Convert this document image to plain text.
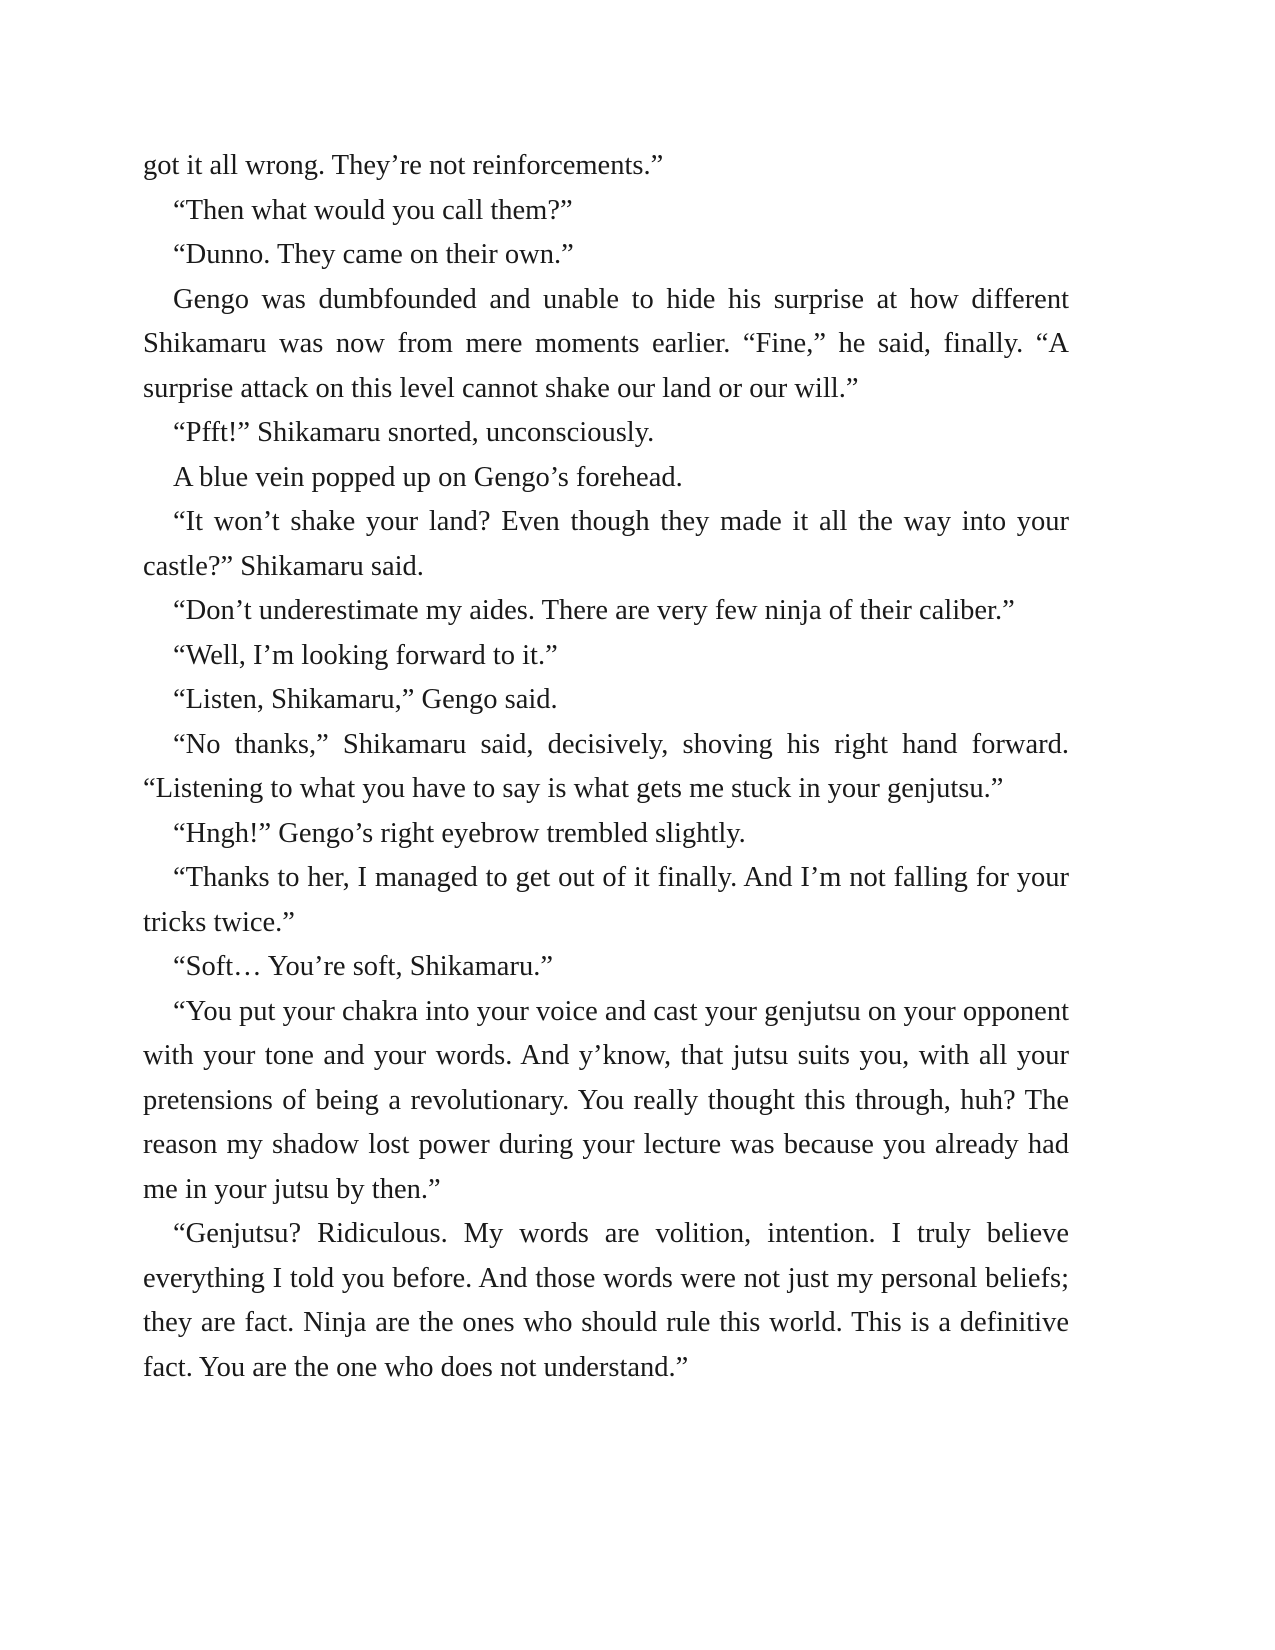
got it all wrong. They’re not reinforcements.”

“Then what would you call them?”

“Dunno. They came on their own.”

Gengo was dumbfounded and unable to hide his surprise at how different Shikamaru was now from mere moments earlier. “Fine,” he said, finally. “A surprise attack on this level cannot shake our land or our will.”

“Pfft!” Shikamaru snorted, unconsciously.

A blue vein popped up on Gengo’s forehead.

“It won’t shake your land? Even though they made it all the way into your castle?” Shikamaru said.

“Don’t underestimate my aides. There are very few ninja of their caliber.”

“Well, I’m looking forward to it.”

“Listen, Shikamaru,” Gengo said.

“No thanks,” Shikamaru said, decisively, shoving his right hand forward. “Listening to what you have to say is what gets me stuck in your genjutsu.”

“Hngh!” Gengo’s right eyebrow trembled slightly.

“Thanks to her, I managed to get out of it finally. And I’m not falling for your tricks twice.”

“Soft… You’re soft, Shikamaru.”

“You put your chakra into your voice and cast your genjutsu on your opponent with your tone and your words. And y’know, that jutsu suits you, with all your pretensions of being a revolutionary. You really thought this through, huh? The reason my shadow lost power during your lecture was because you already had me in your jutsu by then.”

“Genjutsu? Ridiculous. My words are volition, intention. I truly believe everything I told you before. And those words were not just my personal beliefs; they are fact. Ninja are the ones who should rule this world. This is a definitive fact. You are the one who does not understand.”
